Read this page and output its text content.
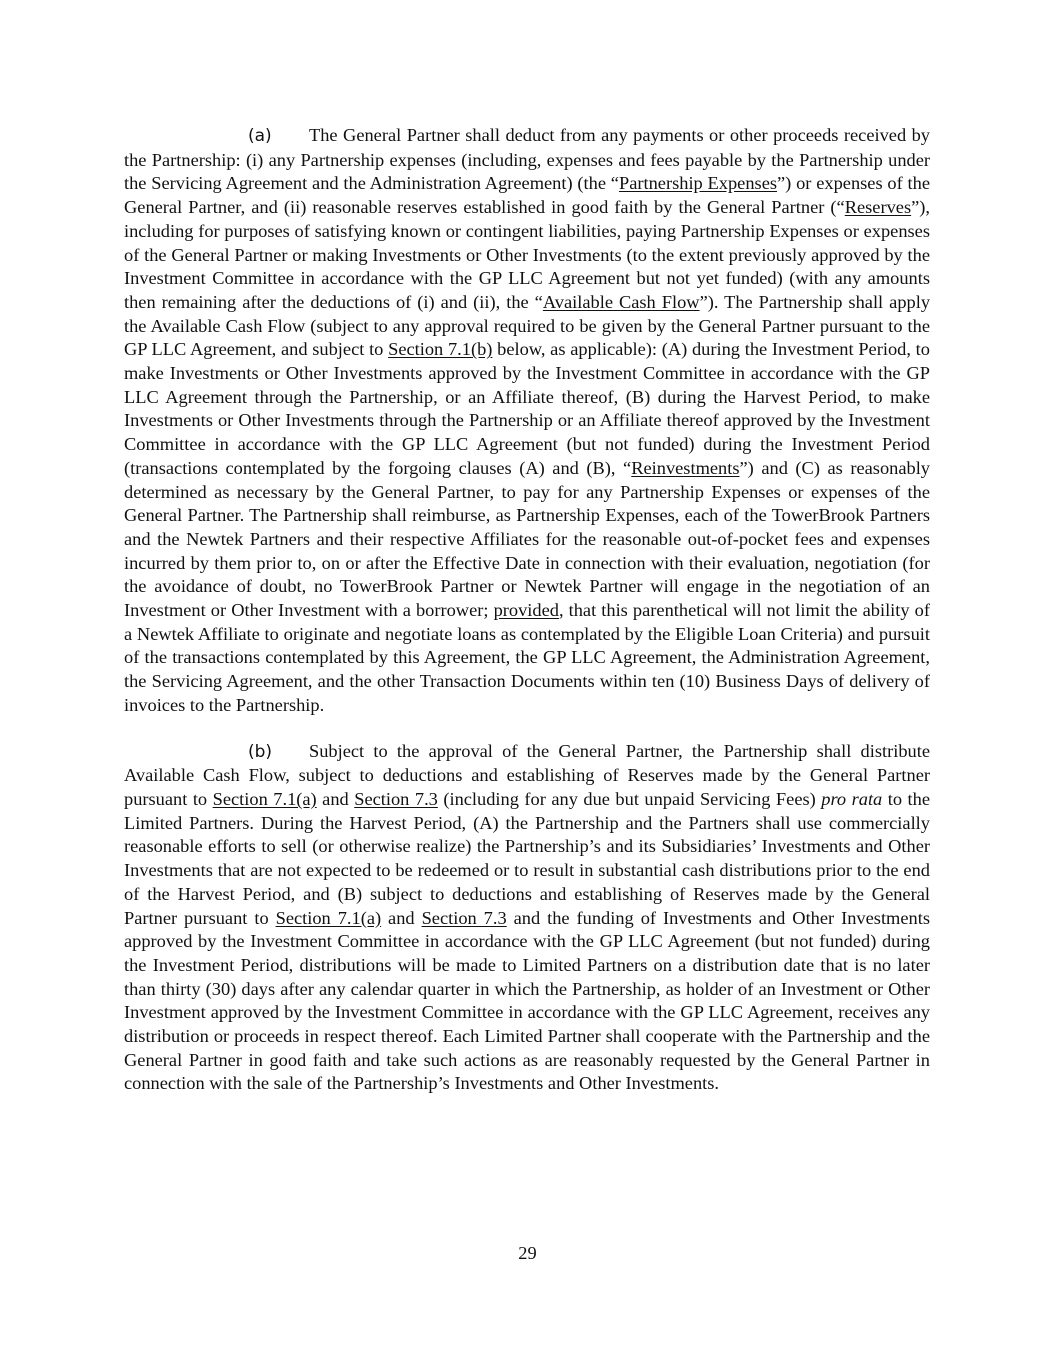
(a) The General Partner shall deduct from any payments or other proceeds received by the Partnership: (i) any Partnership expenses (including, expenses and fees payable by the Partnership under the Servicing Agreement and the Administration Agreement) (the “Partnership Expenses”) or expenses of the General Partner, and (ii) reasonable reserves established in good faith by the General Partner (“Reserves”), including for purposes of satisfying known or contingent liabilities, paying Partnership Expenses or expenses of the General Partner or making Investments or Other Investments (to the extent previously approved by the Investment Committee in accordance with the GP LLC Agreement but not yet funded) (with any amounts then remaining after the deductions of (i) and (ii), the “Available Cash Flow”). The Partnership shall apply the Available Cash Flow (subject to any approval required to be given by the General Partner pursuant to the GP LLC Agreement, and subject to Section 7.1(b) below, as applicable): (A) during the Investment Period, to make Investments or Other Investments approved by the Investment Committee in accordance with the GP LLC Agreement through the Partnership, or an Affiliate thereof, (B) during the Harvest Period, to make Investments or Other Investments through the Partnership or an Affiliate thereof approved by the Investment Committee in accordance with the GP LLC Agreement (but not funded) during the Investment Period (transactions contemplated by the forgoing clauses (A) and (B), “Reinvestments”) and (C) as reasonably determined as necessary by the General Partner, to pay for any Partnership Expenses or expenses of the General Partner. The Partnership shall reimburse, as Partnership Expenses, each of the TowerBrook Partners and the Newtek Partners and their respective Affiliates for the reasonable out-of-pocket fees and expenses incurred by them prior to, on or after the Effective Date in connection with their evaluation, negotiation (for the avoidance of doubt, no TowerBrook Partner or Newtek Partner will engage in the negotiation of an Investment or Other Investment with a borrower; provided, that this parenthetical will not limit the ability of a Newtek Affiliate to originate and negotiate loans as contemplated by the Eligible Loan Criteria) and pursuit of the transactions contemplated by this Agreement, the GP LLC Agreement, the Administration Agreement, the Servicing Agreement, and the other Transaction Documents within ten (10) Business Days of delivery of invoices to the Partnership.

(b) Subject to the approval of the General Partner, the Partnership shall distribute Available Cash Flow, subject to deductions and establishing of Reserves made by the General Partner pursuant to Section 7.1(a) and Section 7.3 (including for any due but unpaid Servicing Fees) pro rata to the Limited Partners. During the Harvest Period, (A) the Partnership and the Partners shall use commercially reasonable efforts to sell (or otherwise realize) the Partnership’s and its Subsidiaries’ Investments and Other Investments that are not expected to be redeemed or to result in substantial cash distributions prior to the end of the Harvest Period, and (B) subject to deductions and establishing of Reserves made by the General Partner pursuant to Section 7.1(a) and Section 7.3 and the funding of Investments and Other Investments approved by the Investment Committee in accordance with the GP LLC Agreement (but not funded) during the Investment Period, distributions will be made to Limited Partners on a distribution date that is no later than thirty (30) days after any calendar quarter in which the Partnership, as holder of an Investment or Other Investment approved by the Investment Committee in accordance with the GP LLC Agreement, receives any distribution or proceeds in respect thereof. Each Limited Partner shall cooperate with the Partnership and the General Partner in good faith and take such actions as are reasonably requested by the General Partner in connection with the sale of the Partnership’s Investments and Other Investments.

29
